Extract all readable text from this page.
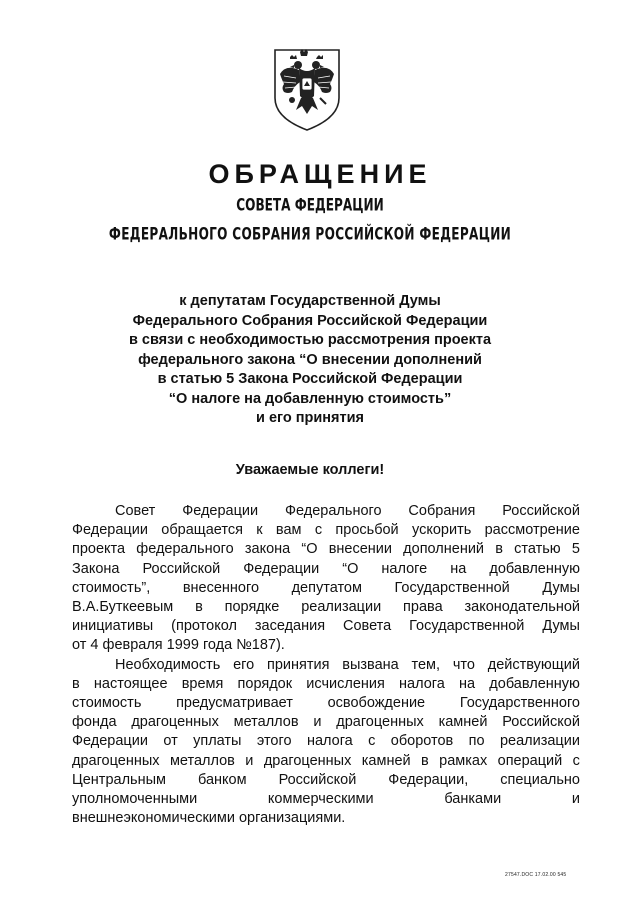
ОБРАЩЕНИЕ
СОВЕТА ФЕДЕРАЦИИ
ФЕДЕРАЛЬНОГО СОБРАНИЯ РОССИЙСКОЙ ФЕДЕРАЦИИ
к депутатам Государственной Думы
Федерального Собрания Российской Федерации
в связи с необходимостью рассмотрения проекта
федерального закона “О внесении дополнений
в статью 5 Закона Российской Федерации
“О налоге на добавленную стоимость”
и его принятия
Уважаемые коллеги!
Совет Федерации Федерального Собрания Российской
Федерации обращается к вам с просьбой ускорить рассмотрение
проекта федерального закона “О внесении дополнений в статью 5
Закона Российской Федерации “О налоге на добавленную
стоимость”, внесенного депутатом Государственной Думы
В.А.Буткеевым в порядке реализации права законодательной
инициативы (протокол заседания Совета Государственной Думы
от 4 февраля 1999 года №187).
Необходимость его принятия вызвана тем, что действующий
в настоящее время порядок исчисления налога на добавленную
стоимость предусматривает освобождение Государственного
фонда драгоценных металлов и драгоценных камней Российской
Федерации от уплаты этого налога с оборотов по реализации
драгоценных металлов и драгоценных камней в рамках операций с
Центральным банком Российской Федерации, специально
уполномоченными	коммерческими	банками	и
внешнеэкономическими организациями.
27547.DOC 17.02.00 545
